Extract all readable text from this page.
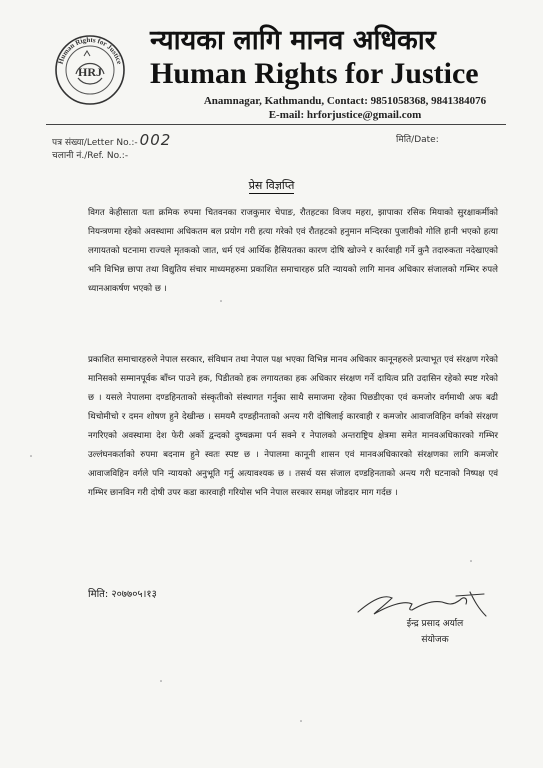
HRJ
Human Rights for Justice
न्यायका लागि मानव अधिकार
Human Rights for Justice
Anamnagar, Kathmandu, Contact: 9851058368, 9841384076
E-mail: hrforjustice@gmail.com
पत्र संख्या/Letter No.:- 002
चलानी नं./Ref. No.:-
मिति/Date:
प्रेस विज्ञप्ति

विगत केहीसाता यता क्रमिक रुपमा चितवनका राजकुमार चेपाङ, रौतहटका विजय महरा, झापाका रसिक मियाको सुरक्षाकर्मीको नियन्त्रणमा रहेको अवस्थामा अधिकतम बल प्रयोग गरी हत्या गरेको एवं रौतहटको हनुमान मन्दिरका पुजारीको गोलि हानी भएको हत्या लगायतको घटनामा राज्यले मृतकको जात, धर्म एवं आर्थिक हैसियतका कारण दोषि खोज्ने र कार्रवाही गर्ने कुनै तदारुकता नदेखाएको भनि विभिन्न छापा तथा विद्युतिय संचार माध्यमहरुमा प्रकाशित समाचारहरु प्रति न्यायको लागि मानव अधिकार संजालको गम्भिर रुपले ध्यानआकर्षण भएको छ ।

प्रकाशित समाचारहरुले नेपाल सरकार, संविधान तथा नेपाल पक्ष भएका विभिन्न मानव अधिकार कानूनहरुले प्रत्याभूत एवं संरक्षण गरेको मानिसको सम्मानपूर्वक बाँच्न पाउने हक, पिडीतको हक लगायतका हक अधिकार संरक्षण गर्ने दायित्व प्रति उदासिन रहेको स्पष्ट गरेको छ । यसले नेपालमा दण्डहिनताको संस्कृतीको संस्थागत गर्नुका साथै समाजमा रहेका पिछडीएका एवं कमजोर वर्गमाथी अफ बढी थिचोमीचो र दमन शोषण हुने देखीन्छ । समयमै दण्डहीनताको अन्त्य गरी दोषिलाई कारवाही र कमजोर आवाजविहिन वर्गको संरक्षण नगरिएको अवस्थामा देश फेरी अर्को द्वन्दको दुष्चक्रमा पर्न सक्ने र नेपालको अन्तराष्ट्रिय क्षेत्रमा समेत मानवअधिकारको गम्भिर उल्लंघनकर्ताको रुपमा बदनाम हुने स्वतः स्पष्ट छ । नेपालमा कानूनी शासन एवं मानवअधिकारको संरक्षणका लागि कमजोर आवाजविहिन वर्गले पनि न्यायको अनुभूति गर्नु अत्यावश्यक छ । तसर्थ यस संजाल दण्डहिनताको अन्त्य गरी घटनाको निष्पक्ष एवं गम्भिर छानविन गरी दोषी उपर कडा कारवाही गरियोस भनि नेपाल सरकार समक्ष जोडदार माग गर्दछ ।

मिति: २०७७०५।१३
ईन्द्र प्रसाद अर्याल
संयोजक
